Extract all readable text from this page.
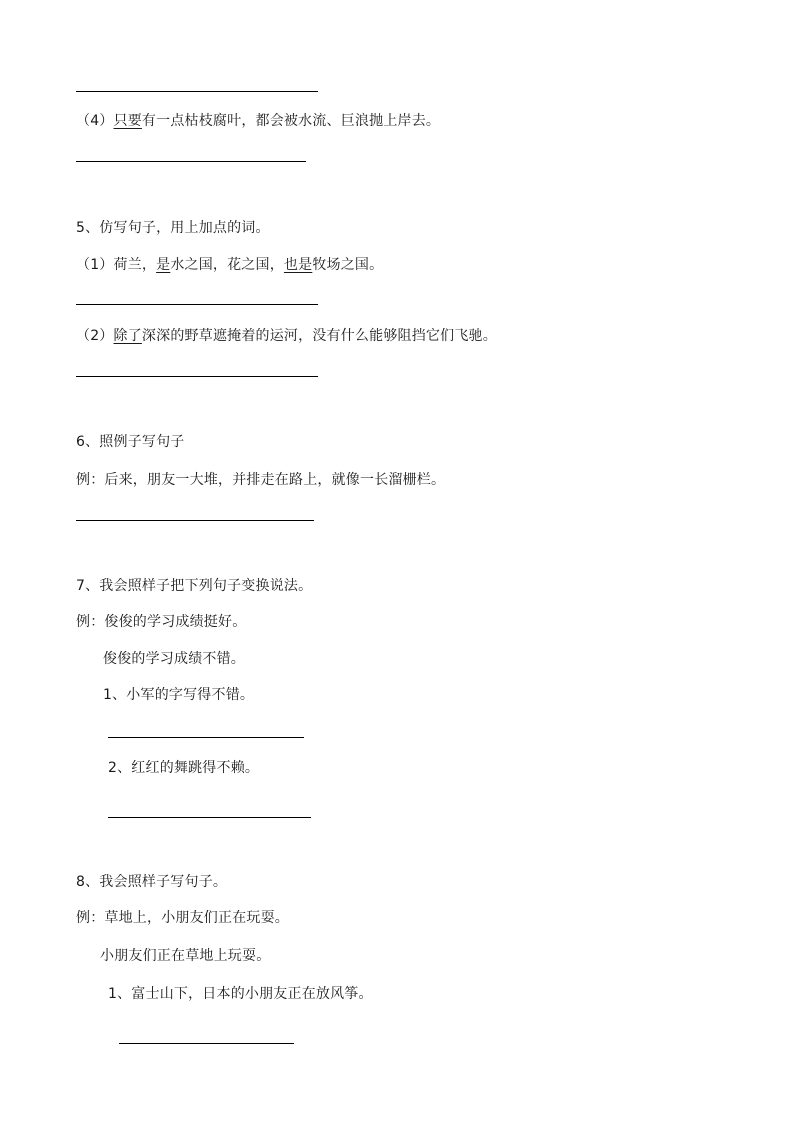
（4）只要有一点枯枝腐叶，都会被水流、巨浪抛上岸去。
5、仿写句子，用上加点的词。
（1）荷兰，是水之国，花之国，也是牧场之国。
（2）除了深深的野草遮掩着的运河，没有什么能够阻挡它们飞驰。
6、照例子写句子
例：后来，朋友一大堆，并排走在路上，就像一长溜栅栏。
7、我会照样子把下列句子变换说法。
例：俊俊的学习成绩挺好。
俊俊的学习成绩不错。
1、小军的字写得不错。
2、红红的舞跳得不赖。
8、我会照样子写句子。
例：草地上，小朋友们正在玩耍。
小朋友们正在草地上玩耍。
1、富士山下，日本的小朋友正在放风筝。
